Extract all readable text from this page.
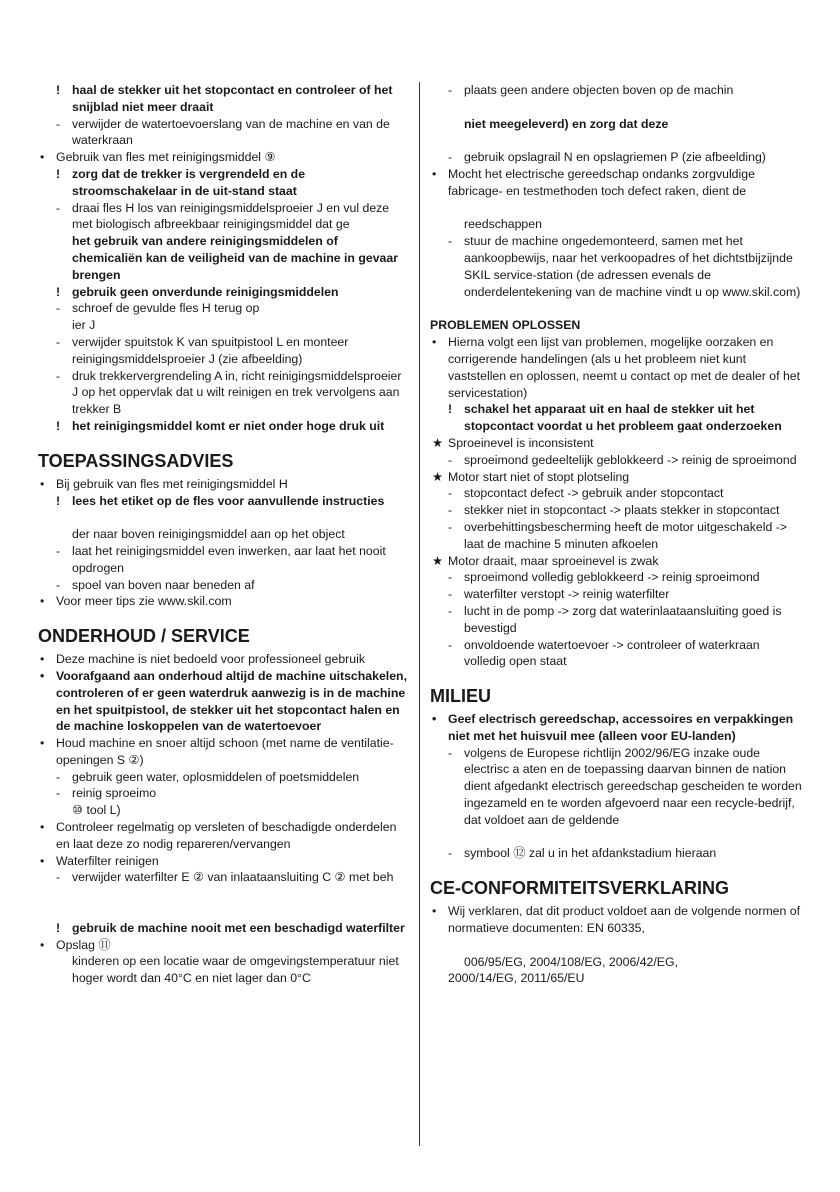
! haal de stekker uit het stopcontact en controleer of het snijblad niet meer draait
- verwijder de watertoevoerslang van de machine en van de waterkraan
• Gebruik van fles met reinigingsmiddel ⑨
! zorg dat de trekker is vergrendeld en de stroomschakelaar in de uit-stand staat
- draai fles H los van reinigingsmiddelsproeier J en vul deze met biologisch afbreekbaar reinigingsmiddel dat ge
het gebruik van andere reinigingsmiddelen of chemicaliën kan de veiligheid van de machine in gevaar brengen
! gebruik geen onverdunde reinigingsmiddelen
- schroef de gevulde fles H terug op
ier J
- verwijder spuitstok K van spuitpistool L en monteer reinigingsmiddelsproeier J (zie afbeelding)
- druk trekkervergrendeling A in, richt reinigingsmiddelsproeier J op het oppervlak dat u wilt reinigen en trek vervolgens aan trekker B
! het reinigingsmiddel komt er niet onder hoge druk uit
TOEPASSINGSADVIES
• Bij gebruik van fles met reinigingsmiddel H
! lees het etiket op de fles voor aanvullende instructies
der naar boven reinigingsmiddel aan op het object
- laat het reinigingsmiddel even inwerken, aar laat het nooit opdrogen
- spoel van boven naar beneden af
• Voor meer tips zie www.skil.com
ONDERHOUD / SERVICE
• Deze machine is niet bedoeld voor professioneel gebruik
• Voorafgaand aan onderhoud altijd de machine uitschakelen, controleren of er geen waterdruk aanwezig is in de machine en het spuitpistool, de stekker uit het stopcontact halen en de machine loskoppelen van de watertoevoer
• Houd machine en snoer altijd schoon (met name de ventilatie-openingen S ②)
- gebruik geen water, oplosmiddelen of poetsmiddelen
- reinig sproeimo
⑩ tool L)
• Controleer regelmatig op versleten of beschadigde onderdelen en laat deze zo nodig repareren/vervangen
• Waterfilter reinigen
- verwijder waterfilter E ② van inlaataansluiting C ② met beh
! gebruik de machine nooit met een beschadigd waterfilter
• Opslag ⑪
kinderen op een locatie waar de omgevingstemperatuur niet hoger wordt dan 40°C en niet lager dan 0°C
- plaats geen andere objecten boven op de machin
niet meegeleverd) en zorg dat deze
- gebruik opslagrail N en opslagriemen P (zie afbeelding)
• Mocht het electrische gereedschap ondanks zorgvuldige fabricage- en testmethoden toch defect raken, dient de
reedschappen
- stuur de machine ongedemonteerd, samen met het aankoopbewijs, naar het verkoopadres of het dichtstbijzijnde SKIL service-station (de adressen evenals de onderdelentekening van de machine vindt u op www.skil.com)
PROBLEMEN OPLOSSEN
• Hierna volgt een lijst van problemen, mogelijke oorzaken en corrigerende handelingen (als u het probleem niet kunt vaststellen en oplossen, neemt u contact op met de dealer of het servicestation)
! schakel het apparaat uit en haal de stekker uit het stopcontact voordat u het probleem gaat onderzoeken
★ Sproeinevel is inconsistent
- sproeimond gedeeltelijk geblokkeerd -> reinig de sproeimond
★ Motor start niet of stopt plotseling
- stopcontact defect -> gebruik ander stopcontact
- stekker niet in stopcontact -> plaats stekker in stopcontact
- overbehittingsbescherming heeft de motor uitgeschakeld -> laat de machine 5 minuten afkoelen
★ Motor draait, maar sproeinevel is zwak
- sproeimond volledig geblokkeerd -> reinig sproeimond
- waterfilter verstopt -> reinig waterfilter
- lucht in de pomp -> zorg dat waterinlaataansluiting goed is bevestigd
- onvoldoende watertoevoer -> controleer of waterkraan volledig open staat
MILIEU
• Geef electrisch gereedschap, accessoires en verpakkingen niet met het huisvuil mee (alleen voor EU-landen)
- volgens de Europese richtlijn 2002/96/EG inzake oude electrisc a aten en de toepassing daarvan binnen de nation dient afgedankt electrisch gereedschap gescheiden te worden ingezameld en te worden afgevoerd naar een recycle-bedrijf, dat voldoet aan de geldende
- symbool ⑫ zal u in het afdankstadium hieraan
CE-CONFORMITEITSVERKLARING
• Wij verklaren, dat dit product voldoet aan de volgende normen of normatieve documenten: EN 60335,
006/95/EG, 2004/108/EG, 2006/42/EG,
2000/14/EG, 2011/65/EU
